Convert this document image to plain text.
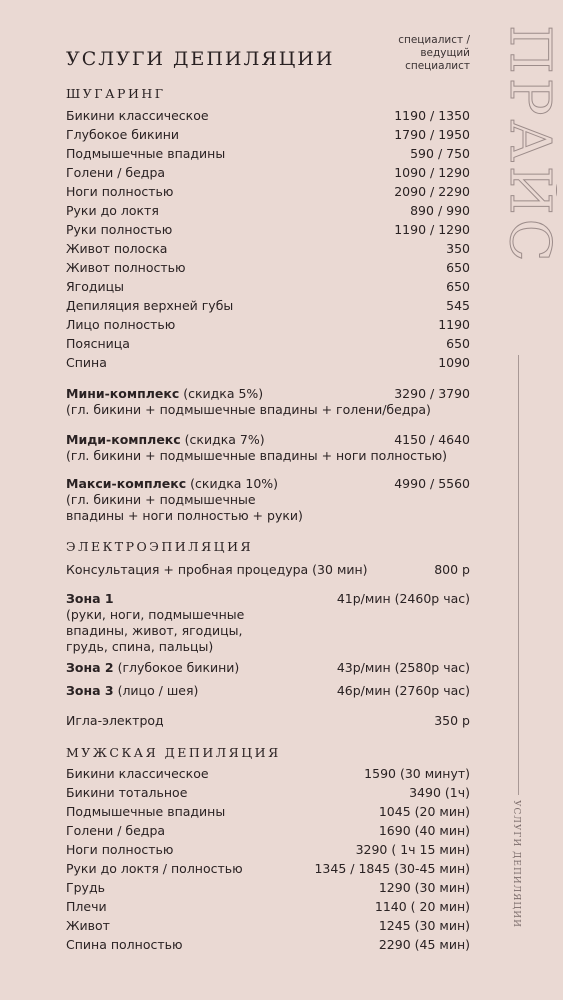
УСЛУГИ ДЕПИЛЯЦИИ
специалист /
ведущий
специалист
ШУГАРИНГ
Бикини классическое	1190 / 1350
Глубокое бикини	1790 / 1950
Подмышечные впадины	590 / 750
Голени / бедра	1090 / 1290
Ноги полностью	2090 / 2290
Руки до локтя	890 / 990
Руки полностью	1190 / 1290
Живот полоска	350
Живот полностью	650
Ягодицы	650
Депиляция верхней губы	545
Лицо полностью	1190
Поясница	650
Спина	1090
Мини-комплекс (скидка 5%)	3290 / 3790
(гл. бикини + подмышечные впадины + голени/бедра)
Миди-комплекс (скидка 7%)	4150 / 4640
(гл. бикини + подмышечные впадины + ноги полностью)
Макси-комплекс (скидка 10%)	4990 / 5560
(гл. бикини + подмышечные впадины + ноги полностью + руки)
ЭЛЕКТРОЭПИЛЯЦИЯ
Консультация + пробная процедура (30 мин)	800 р
Зона 1	41р/мин (2460р час)
(руки, ноги, подмышечные впадины, живот, ягодицы, грудь, спина, пальцы)
Зона 2 (глубокое бикини)	43р/мин (2580р час)
Зона 3 (лицо / шея)	46р/мин (2760р час)
Игла-электрод	350 р
МУЖСКАЯ ДЕПИЛЯЦИЯ
Бикини классическое	1590 (30 минут)
Бикини тотальное	3490 (1ч)
Подмышечные впадины	1045 (20 мин)
Голени / бедра	1690 (40 мин)
Ноги полностью	3290 ( 1ч 15 мин)
Руки до локтя / полностью	1345 / 1845 (30-45 мин)
Грудь	1290 (30 мин)
Плечи	1140 ( 20 мин)
Живот	1245 (30 мин)
Спина полностью	2290 (45 мин)
ПРАЙС
УСЛУГИ ДЕПИЛЯЦИИ
